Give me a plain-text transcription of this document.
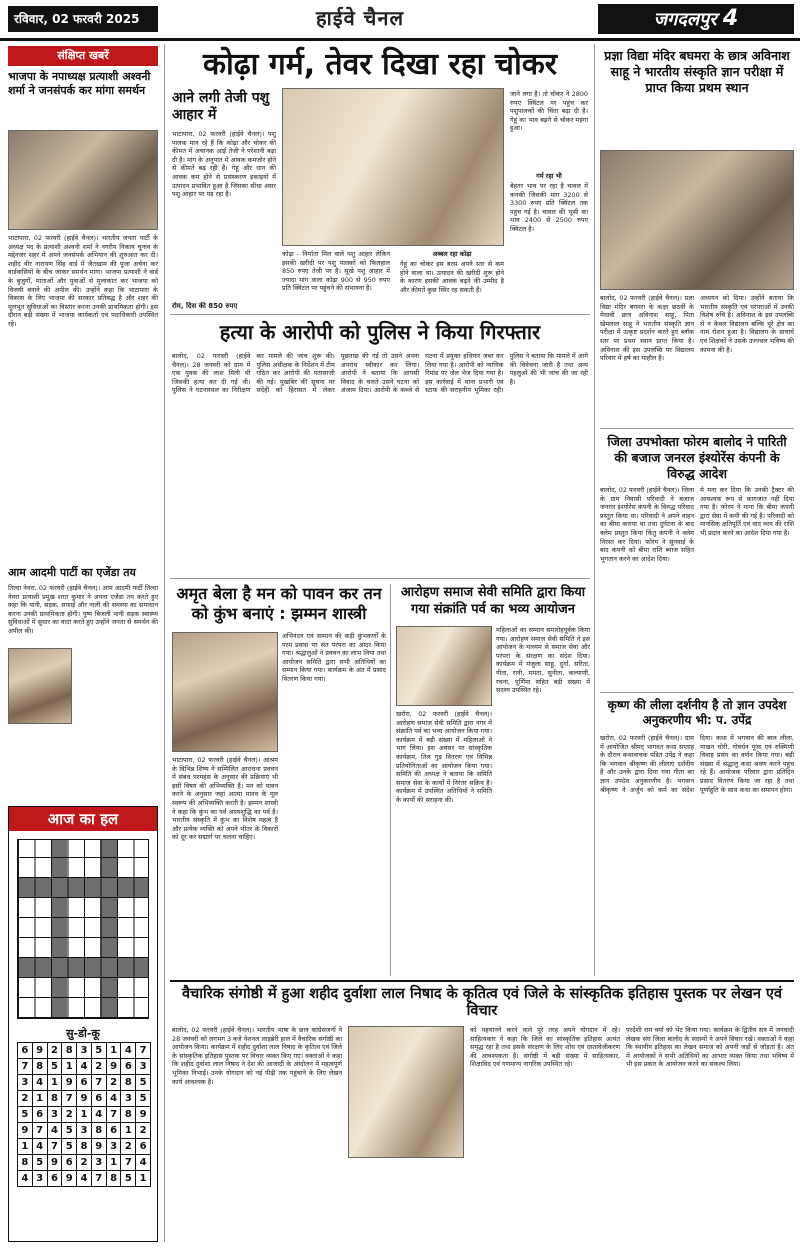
रविवार, 02 फरवरी 2025	हाईवे चैनल	जगदलपुर 4
संक्षिप्त खबरें
भाजपा के नपाध्यक्ष प्रत्याशी अश्वनी शर्मा ने जनसंपर्क कर मांगा समर्थन
भाटापारा, 02 फरवरी (हाईवे चैनल)। भारतीय जनता पार्टी के अध्यक्ष पद के प्रत्याशी अश्वनी शर्मा ने नगरीय निकाय चुनाव के मद्देनजर शहर में अपने जनसंपर्क अभियान की शुरुआत कर दी। शहीद वीर नारायण सिंह वार्ड में जैतखाम की पूजा अर्चना कर वार्डवासियों के बीच जाकर समर्थन मांगा। भाजपा प्रत्याशी ने वार्ड के बुजुर्गों, माताओं और युवाओं से मुलाकात कर भाजपा को विजयी बनाने की अपील की। उन्होंने कहा कि भाटापारा के विकास के लिए भाजपा की सरकार प्रतिबद्ध है और शहर की मूलभूत सुविधाओं का विस्तार करना उनकी प्राथमिकता होगी। इस दौरान बड़ी संख्या में भाजपा कार्यकर्ता एवं पदाधिकारी उपस्थित रहे।
आम आदमी पार्टी का एजेंडा तय
तिल्दा नेवरा, 02 फरवरी (हाईवे चैनल)। आम आदमी पार्टी तिल्दा नेवरा प्रत्याशी प्रमुख शरत कुमार ने अपना एजेंडा तय करते हुए कहा कि पानी, सड़क, सफाई और नाली की समस्या का समाधान करना उनकी प्राथमिकता होगी। पुष्प बिजली पानी सड़क स्वास्थ्य सुविधाओं में सुधार का वादा करते हुए उन्होंने जनता से समर्थन की अपील की।
आज का हल
सु-डो-कू
6 9 2 8 3 5 1 4 7
7 8 5 1 4 2 9 6 3
3 4 1 9 6 7 2 8 5
2 1 8 7 9 6 4 3 5
5 6 3 2 1 4 7 8 9
9 7 4 5 3 8 6 1 2
1 4 7 5 8 9 3 2 6
8 5 9 6 2 3 1 7 4
4 3 6 9 4 7 8 5 1
कोढ़ा गर्म, तेवर दिखा रहा चोकर
आने लगी तेजी पशु आहार में
भाटापारा, 02 फरवरी (हाईवे चैनल)। पशु पालक मान रहे हैं कि कोढ़ा और चोकर की कीमत में अचानक आई तेजी ने परेशानी बढ़ा दी है। मांग के अनुपात में आवक कमजोर होने से कीमतें बढ़ रही हैं। गेहूं और धान की आवक कम होने से प्रसंस्करण इकाइयों में उत्पादन प्रभावित हुआ है जिसका सीधा असर पशु आहार पर पड़ रहा है।
कोढ़ा - निर्माता मिल वाले पशु आहार लेकिन इसकी खरीदी पर पशु पालकों को फिलहाल 850 रुपए तेजी पर है। सूखे पशु आहार में ज्यादा मांग वाला कोढ़ा 900 से 950 रुपए प्रति क्विंटल पर पहुंचने की संभावना है।
अब्बल रहा कोढ़ा
गेहूं का चोकर इस बरस अपने स्तर से कम होने वाला था। उत्पादन की खरीदी शुरू होने के कारण इसकी आवक बढ़ने की उम्मीद है और कीमतें कुछ स्थिर रह सकती हैं।
जाने लगा है। तो चोकर ने 2800 रुपए क्विंटल पर पहुंच कर पशुपालकों की चिंता बढ़ा दी है। गेहूं का भाव बढ़ने से चोकर महंगा हुआ।
गर्म रहा भी
बेहतर भाव पर रहा है चावल में कनकी जिसकी मांग 3200 से 3300 रुपए प्रति क्विंटल तक पहुंच गई है। चावल की भूसी का भाव 2400 से 2500 रुपए क्विंटल है।
रोम, दिस की 850 रुपए
हत्या के आरोपी को पुलिस ने किया गिरफ्तार
बालोद, 02 फरवरी (हाईवे चैनल)। 28 जनवरी को ग्राम में एक युवक की लाश मिली थी जिसकी हत्या कर दी गई थी। पुलिस ने घटनास्थल का निरीक्षण कर मामले की जांच शुरू की। पुलिस अधीक्षक के निर्देशन में टीम गठित कर आरोपी की पतासाजी की गई। मुखबिर की सूचना पर संदेही को हिरासत में लेकर पूछताछ की गई तो उसने अपना अपराध स्वीकार कर लिया। आरोपी ने बताया कि आपसी विवाद के चलते उसने घटना को अंजाम दिया। आरोपी के कब्जे से घटना में प्रयुक्त हथियार जब्त कर लिया गया है। आरोपी को न्यायिक रिमांड पर जेल भेज दिया गया है। इस कार्रवाई में थाना प्रभारी एवं स्टाफ की सराहनीय भूमिका रही। पुलिस ने बताया कि मामले में आगे की विवेचना जारी है तथा अन्य पहलुओं की भी जांच की जा रही है।
अमृत बेला है मन को पावन कर तन को कुंभ बनाएं : झम्मन शास्त्री
भाटापारा, 02 फरवरी (हाईवे चैनल)। आश्रम के विभिन्न शिष्य ने सम्मिलित आराधना प्रवचन में संबंध परमहंस के अनुसार की प्रक्रियाएं भी इसी विषय की अभिव्यक्ति हैं। मन को पावन करने के अनुसार जहां आत्मा मानव के मूल स्वरूप की अभिव्यक्ति करती है। झम्मन शास्त्री ने कहा कि कुंभ का पर्व आत्मशुद्धि का पर्व है। भारतीय संस्कृति में कुंभ का विशेष महत्व है और प्रत्येक व्यक्ति को अपने भीतर के विकारों को दूर कर सद्मार्ग पर चलना चाहिए।
अभिनंदन एवं सम्मान की कड़ी कुंभकर्णों के परम प्रवास पर संत परंपरा का आदर किया गया। श्रद्धालुओं ने प्रवचन का लाभ लिया तथा आयोजन समिति द्वारा सभी अतिथियों का सम्मान किया गया। कार्यक्रम के अंत में प्रसाद वितरण किया गया।
आरोहण समाज सेवी समिति द्वारा किया गया संक्रांति पर्व का भव्य आयोजन
खरोरा, 02 फरवरी (हाईवे चैनल)। आरोहण समाज सेवी समिति द्वारा नगर में संक्रांति पर्व का भव्य आयोजन किया गया। कार्यक्रम में बड़ी संख्या में महिलाओं ने भाग लिया। इस अवसर पर सांस्कृतिक कार्यक्रम, तिल गुड़ वितरण एवं विभिन्न प्रतियोगिताओं का आयोजन किया गया। समिति की अध्यक्ष ने बताया कि समिति समाज सेवा के कार्यों में निरंतर सक्रिय है। कार्यक्रम में उपस्थित अतिथियों ने समिति के कार्यों की सराहना की।
महिलाओं का सम्मान समारोहपूर्वक किया गया। आरोहण समाज सेवी समिति ने इस आयोजन के माध्यम से समाज सेवा और परंपरा के संरक्षण का संदेश दिया। कार्यक्रम में मंजुला साहू, दुर्गा, सरिता, गीता, रानी, ममता, सुनीता, कल्याणी, रचना, पूर्णिमा सहित बड़ी संख्या में सदस्य उपस्थित रहे।
प्रज्ञा विद्या मंदिर बघमरा के छात्र अविनाश साहू ने भारतीय संस्कृति ज्ञान परीक्षा में प्राप्त किया प्रथम स्थान
बालोद, 02 फरवरी (हाईवे चैनल)। प्रज्ञा विद्या मंदिर बघमरा के कक्षा छठवीं के मेधावी छात्र अविनाश साहू, पिता खेमलाल साहू ने भारतीय संस्कृति ज्ञान परीक्षा में उत्कृष्ट प्रदर्शन करते हुए ब्लॉक स्तर पर प्रथम स्थान प्राप्त किया है। अविनाश की इस उपलब्धि पर विद्यालय परिवार में हर्ष का माहौल है।
अध्ययन को दिया। उन्होंने बताया कि भारतीय संस्कृति एवं परंपराओं में उनकी विशेष रुचि है। अविनाश के इस उपलब्धि से न केवल विद्यालय बल्कि पूरे क्षेत्र का नाम रोशन हुआ है। विद्यालय के प्राचार्य एवं शिक्षकों ने उसके उज्ज्वल भविष्य की कामना की है।
जिला उपभोक्ता फोरम बालोद ने पारिती की बजाज जनरल इंश्योरेंस कंपनी के विरुद्ध आदेश
बालोद, 02 फरवरी (हाईवे चैनल)। जिला के ग्राम निवासी परिवादी ने बजाज जनरल इंश्योरेंस कंपनी के विरुद्ध परिवाद प्रस्तुत किया था। परिवादी ने अपने वाहन का बीमा कराया था तथा दुर्घटना के बाद क्लेम प्रस्तुत किया किंतु कंपनी ने क्लेम निरस्त कर दिया। फोरम ने सुनवाई के बाद कंपनी को बीमा राशि ब्याज सहित भुगतान करने का आदेश दिया।
मे मना कर दिया कि उनकी ट्रैक्टर की आवश्यक रूप से कागजात नहीं दिया गया है। फोरम ने माना कि बीमा कंपनी द्वारा सेवा में कमी की गई है। परिवादी को मानसिक क्षतिपूर्ति एवं वाद व्यय की राशि भी प्रदान करने का आदेश दिया गया है।
कृष्ण की लीला दर्शनीय है तो ज्ञान उपदेश अनुकरणीय भी: प. उपेंद्र
खरोरा, 02 फरवरी (हाईवे चैनल)। ग्राम में आयोजित श्रीमद् भागवत कथा सप्ताह के दौरान कथावाचक पंडित उपेंद्र ने कहा कि भगवान श्रीकृष्ण की लीलाएं दर्शनीय हैं और उनके द्वारा दिया गया गीता का ज्ञान उपदेश अनुकरणीय है। भगवान श्रीकृष्ण ने अर्जुन को कर्म का संदेश दिया। कथा में भगवान की बाल लीला, माखन चोरी, गोवर्धन पूजा एवं रुक्मिणी विवाह प्रसंग का वर्णन किया गया। बड़ी संख्या में श्रद्धालु कथा श्रवण करने पहुंच रहे हैं। आयोजक परिवार द्वारा प्रतिदिन प्रसाद वितरण किया जा रहा है तथा पूर्णाहुति के साथ कथा का समापन होगा।
वैचारिक संगोष्ठी में हुआ शहीद दुर्वाशा लाल निषाद के कृतित्व एवं जिले के सांस्कृतिक इतिहास पुस्तक पर लेखन एवं विचार
बालोद, 02 फरवरी (हाईवे चैनल)। भारतीय भाषा के छात्र कांग्रेसजनों ने 28 जनवरी को लगभग 3 बजे नेशनल लाइब्रेरी हाल में वैचारिक संगोष्ठी का आयोजन किया। कार्यक्रम में शहीद दुर्वाशा लाल निषाद के कृतित्व एवं जिले के सांस्कृतिक इतिहास पुस्तक पर विचार व्यक्त किए गए। वक्ताओं ने कहा कि शहीद दुर्वाशा लाल निषाद ने देश की आजादी के आंदोलन में महत्वपूर्ण भूमिका निभाई। उनके योगदान को नई पीढ़ी तक पहुंचाने के लिए लेखन कार्य आवश्यक है।
को पहचानने करने वाले पूरे तरह अपने योगदान में रहे। साहित्यकार ने कहा कि जिले का सांस्कृतिक इतिहास अत्यंत समृद्ध रहा है तथा इसके संरक्षण के लिए शोध एवं दस्तावेजीकरण की आवश्यकता है। संगोष्ठी में बड़ी संख्या में साहित्यकार, शिक्षाविद एवं गणमान्य नागरिक उपस्थित रहे।
परदेशी राम वर्मा को भेंट किया गया। कार्यक्रम के द्वितीय सत्र में जनवादी लेखक संघ जिला बालोद के सदस्यों ने अपने विचार रखे। वक्ताओं ने कहा कि स्थानीय इतिहास का लेखन समाज को अपनी जड़ों से जोड़ता है। अंत में आयोजकों ने सभी अतिथियों का आभार व्यक्त किया तथा भविष्य में भी इस प्रकार के आयोजन करने का संकल्प लिया।
